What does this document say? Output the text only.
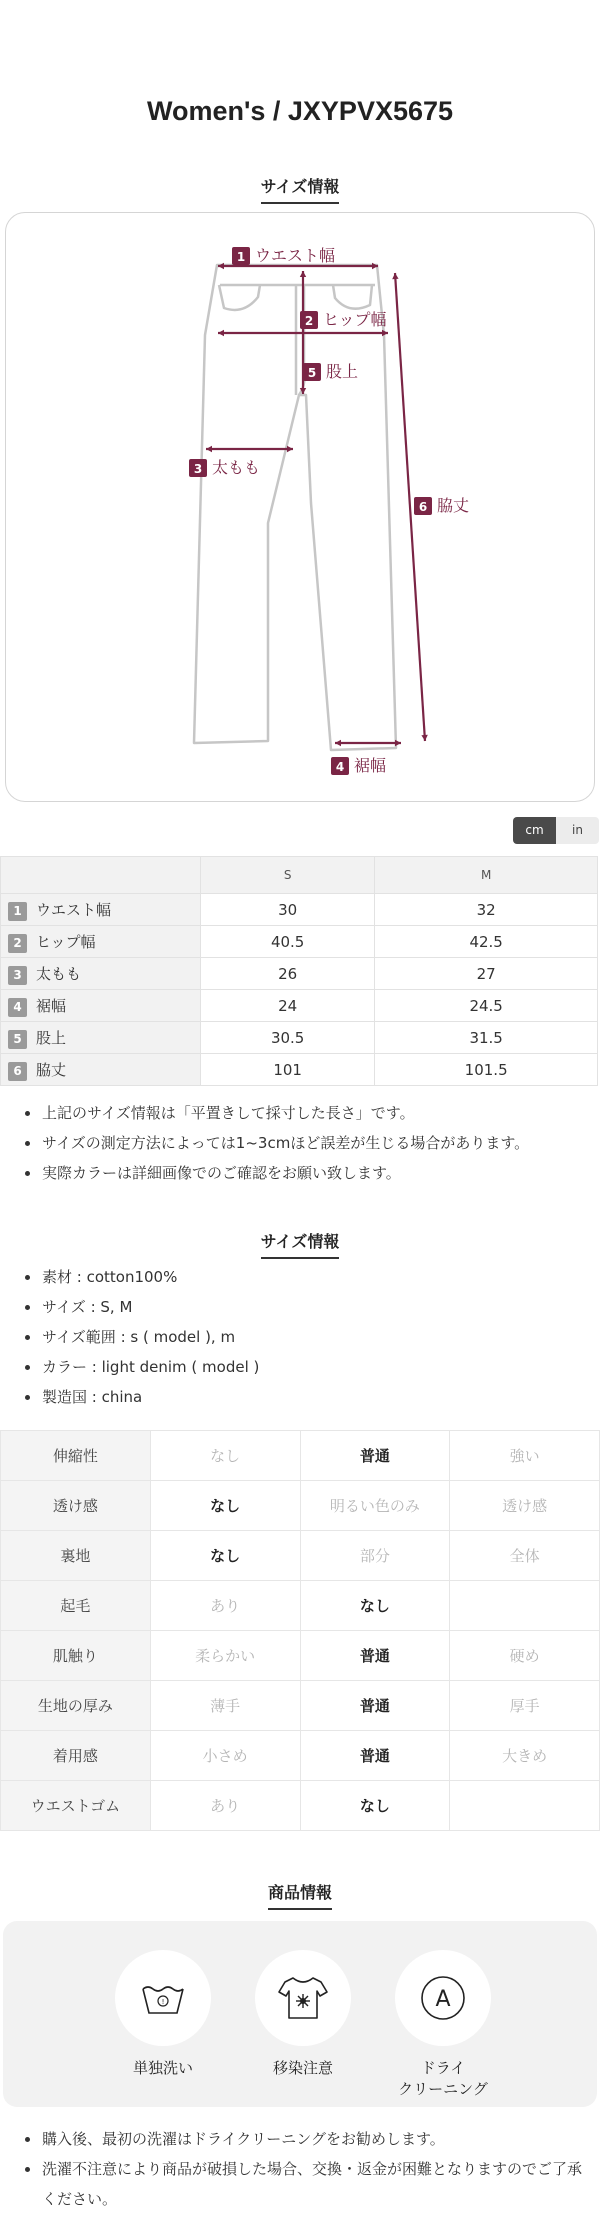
Women's / JXYPVX5675
サイズ情報
1 ウエスト幅
2 ヒップ幅
3 太もも
4 裾幅
5 股上
6 脇丈
cm	in
	S	M
1 ウエスト幅	30	32
2 ヒップ幅	40.5	42.5
3 太もも	26	27
4 裾幅	24	24.5
5 股上	30.5	31.5
6 脇丈	101	101.5
上記のサイズ情報は「平置きして採寸した長さ」です。
サイズの測定方法によっては1~3cmほど誤差が生じる場合があります。
実際カラーは詳細画像でのご確認をお願い致します。
サイズ情報
素材 : cotton100%
サイズ : S, M
サイズ範囲 : s ( model ), m
カラー : light denim ( model )
製造国 : china
伸縮性	なし	普通	強い
透け感	なし	明るい色のみ	透け感
裏地	なし	部分	全体
起毛	あり	なし	
肌触り	柔らかい	普通	硬め
生地の厚み	薄手	普通	厚手
着用感	小さめ	普通	大きめ
ウエストゴム	あり	なし	
商品情報
!
単独洗い	移染注意
A
ドライ
クリーニング
購入後、最初の洗濯はドライクリーニングをお勧めします。
洗濯不注意により商品が破損した場合、交換・返金が困難となりますのでご了承ください。
